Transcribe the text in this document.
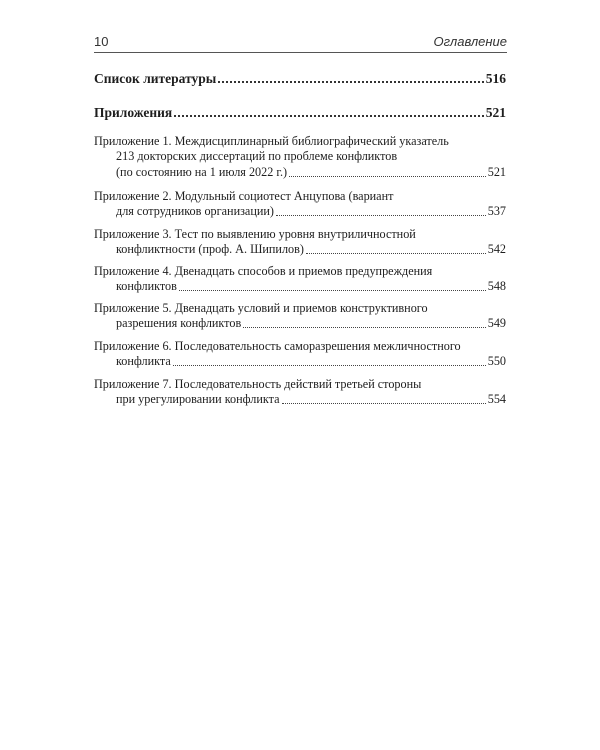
10	Оглавление
Список литературы	516
Приложения	521
Приложение 1. Междисциплинарный библиографический указатель
213 докторских диссертаций по проблеме конфликтов
(по состоянию на 1 июля 2022 г.)	521
Приложение 2. Модульный социотест Анцупова (вариант
для сотрудников организации)	537
Приложение 3. Тест по выявлению уровня внутриличностной
конфликтности (проф. А. Шипилов)	542
Приложение 4. Двенадцать способов и приемов предупреждения
конфликтов	548
Приложение 5. Двенадцать условий и приемов конструктивного
разрешения конфликтов	549
Приложение 6. Последовательность саморазрешения межличностного
конфликта	550
Приложение 7. Последовательность действий третьей стороны
при урегулировании конфликта	554
